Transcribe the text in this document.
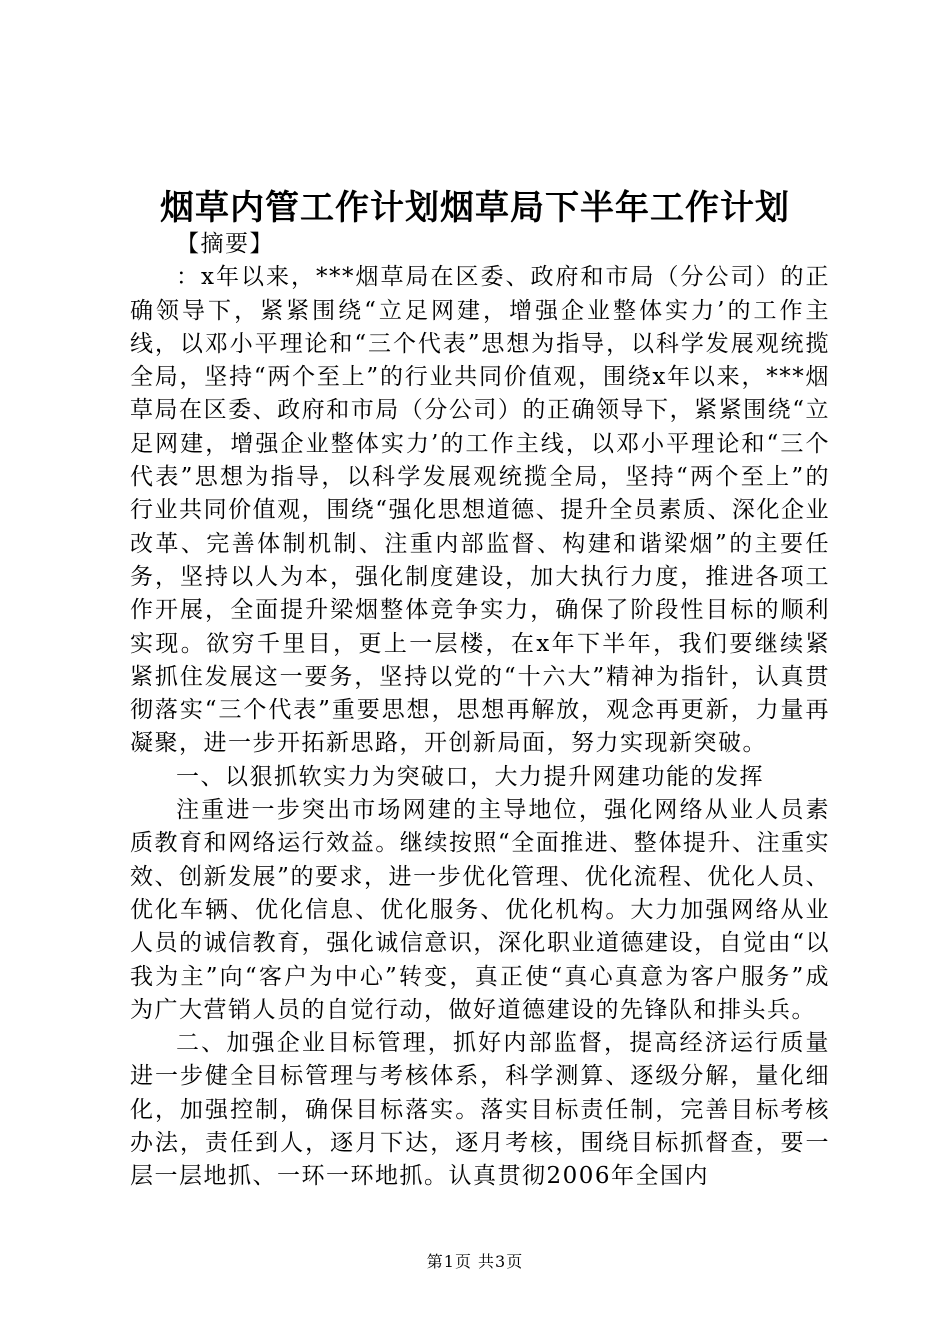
烟草内管工作计划烟草局下半年工作计划

【摘要】

：x年以来，***烟草局在区委、政府和市局（分公司）的正确领导下，紧紧围绕“立足网建，增强企业整体实力’的工作主线，以邓小平理论和“三个代表”思想为指导，以科学发展观统揽全局，坚持“两个至上”的行业共同价值观，围绕x年以来，***烟草局在区委、政府和市局（分公司）的正确领导下，紧紧围绕“立足网建，增强企业整体实力’的工作主线，以邓小平理论和“三个代表”思想为指导，以科学发展观统揽全局，坚持“两个至上”的行业共同价值观，围绕“强化思想道德、提升全员素质、深化企业改革、完善体制机制、注重内部监督、构建和谐梁烟”的主要任务，坚持以人为本，强化制度建设，加大执行力度，推进各项工作开展，全面提升梁烟整体竞争实力，确保了阶段性目标的顺利实现。欲穷千里目，更上一层楼，在x年下半年，我们要继续紧紧抓住发展这一要务，坚持以党的“十六大”精神为指针，认真贯彻落实“三个代表”重要思想，思想再解放，观念再更新，力量再凝聚，进一步开拓新思路，开创新局面，努力实现新突破。

一、以狠抓软实力为突破口，大力提升网建功能的发挥

注重进一步突出市场网建的主导地位，强化网络从业人员素质教育和网络运行效益。继续按照“全面推进、整体提升、注重实效、创新发展”的要求，进一步优化管理、优化流程、优化人员、优化车辆、优化信息、优化服务、优化机构。大力加强网络从业人员的诚信教育，强化诚信意识，深化职业道德建设，自觉由“以我为主”向“客户为中心”转变，真正使“真心真意为客户服务”成为广大营销人员的自觉行动，做好道德建设的先锋队和排头兵。

二、加强企业目标管理，抓好内部监督，提高经济运行质量进一步健全目标管理与考核体系，科学测算、逐级分解，量化细化，加强控制，确保目标落实。落实目标责任制，完善目标考核办法，责任到人，逐月下达，逐月考核，围绕目标抓督查，要一层一层地抓、一环一环地抓。认真贯彻2006年全国内

第1页 共3页
